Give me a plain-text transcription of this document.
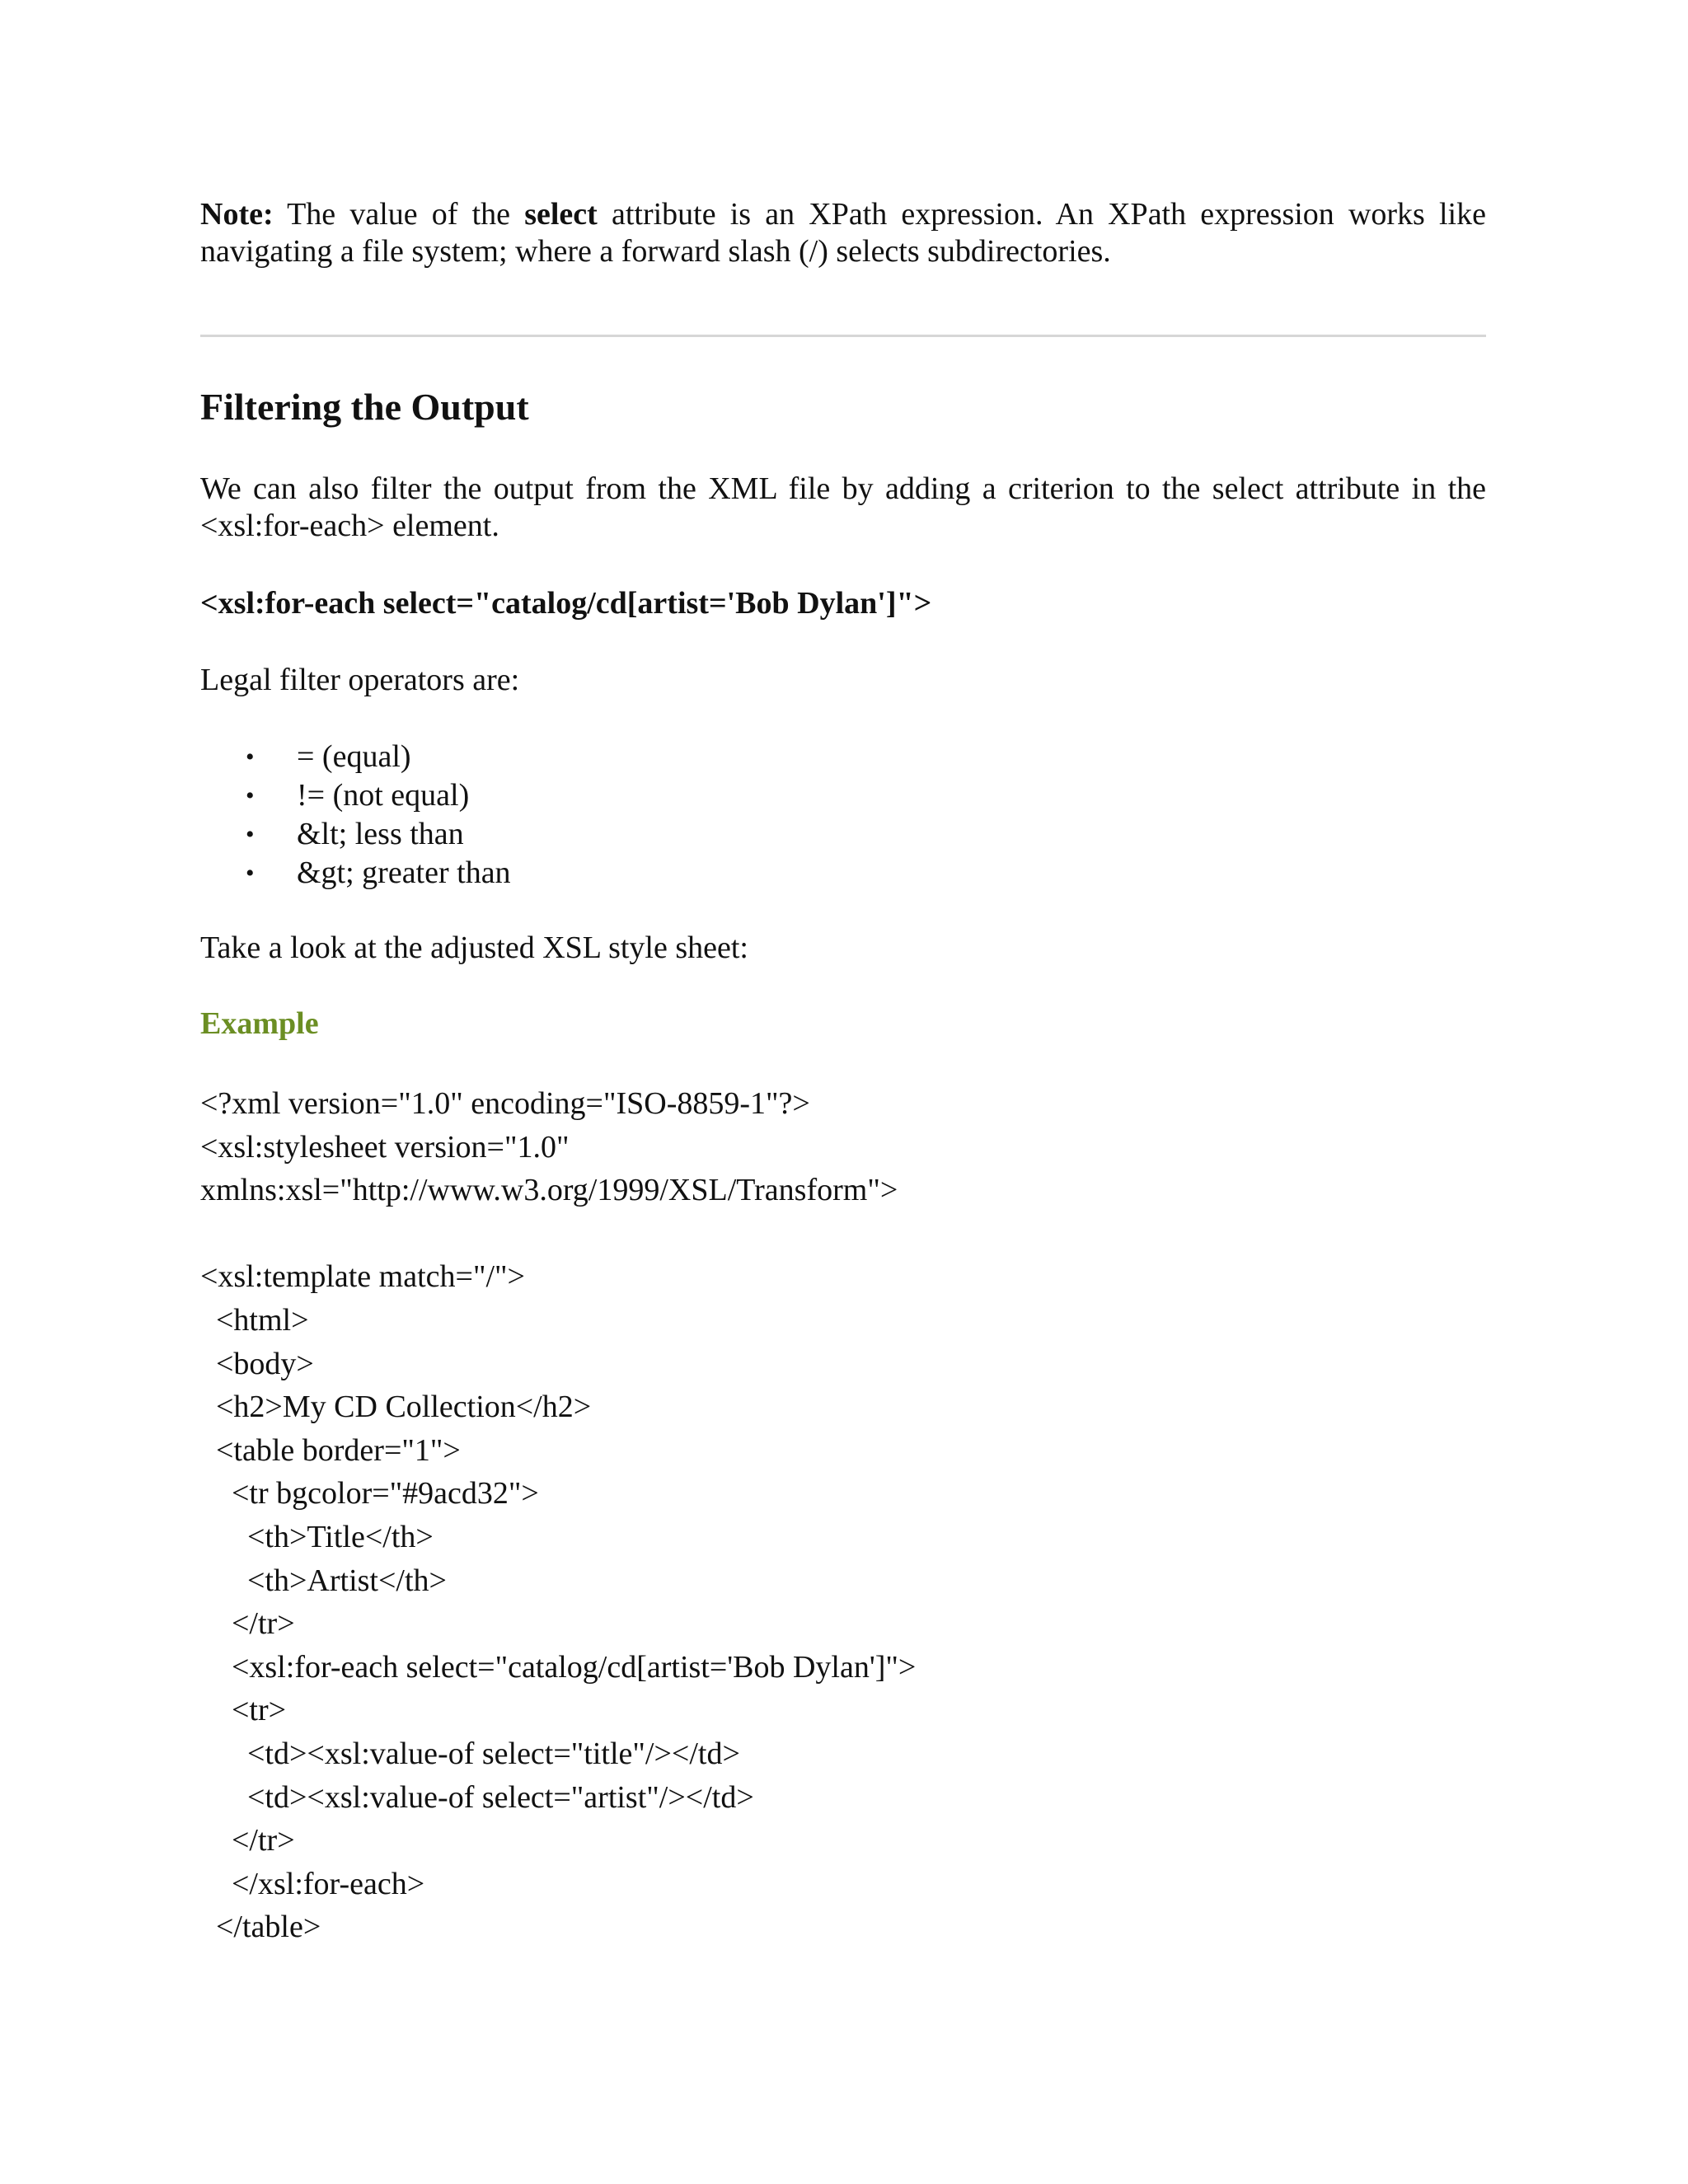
Note: The value of the select attribute is an XPath expression. An XPath expression works like navigating a file system; where a forward slash (/) selects subdirectories.
Filtering the Output
We can also filter the output from the XML file by adding a criterion to the select attribute in the <xsl:for-each> element.
<xsl:for-each select="catalog/cd[artist='Bob Dylan']">
Legal filter operators are:
• = (equal)
• != (not equal)
• &lt; less than
• &gt; greater than
Take a look at the adjusted XSL style sheet:
Example
<?xml version="1.0" encoding="ISO-8859-1"?>
<xsl:stylesheet version="1.0"
xmlns:xsl="http://www.w3.org/1999/XSL/Transform">

<xsl:template match="/">
<html>
<body>
<h2>My CD Collection</h2>
<table border="1">
<tr bgcolor="#9acd32">
<th>Title</th>
<th>Artist</th>
</tr>
<xsl:for-each select="catalog/cd[artist='Bob Dylan']">
<tr>
<td><xsl:value-of select="title"/></td>
<td><xsl:value-of select="artist"/></td>
</tr>
</xsl:for-each>
</table>
